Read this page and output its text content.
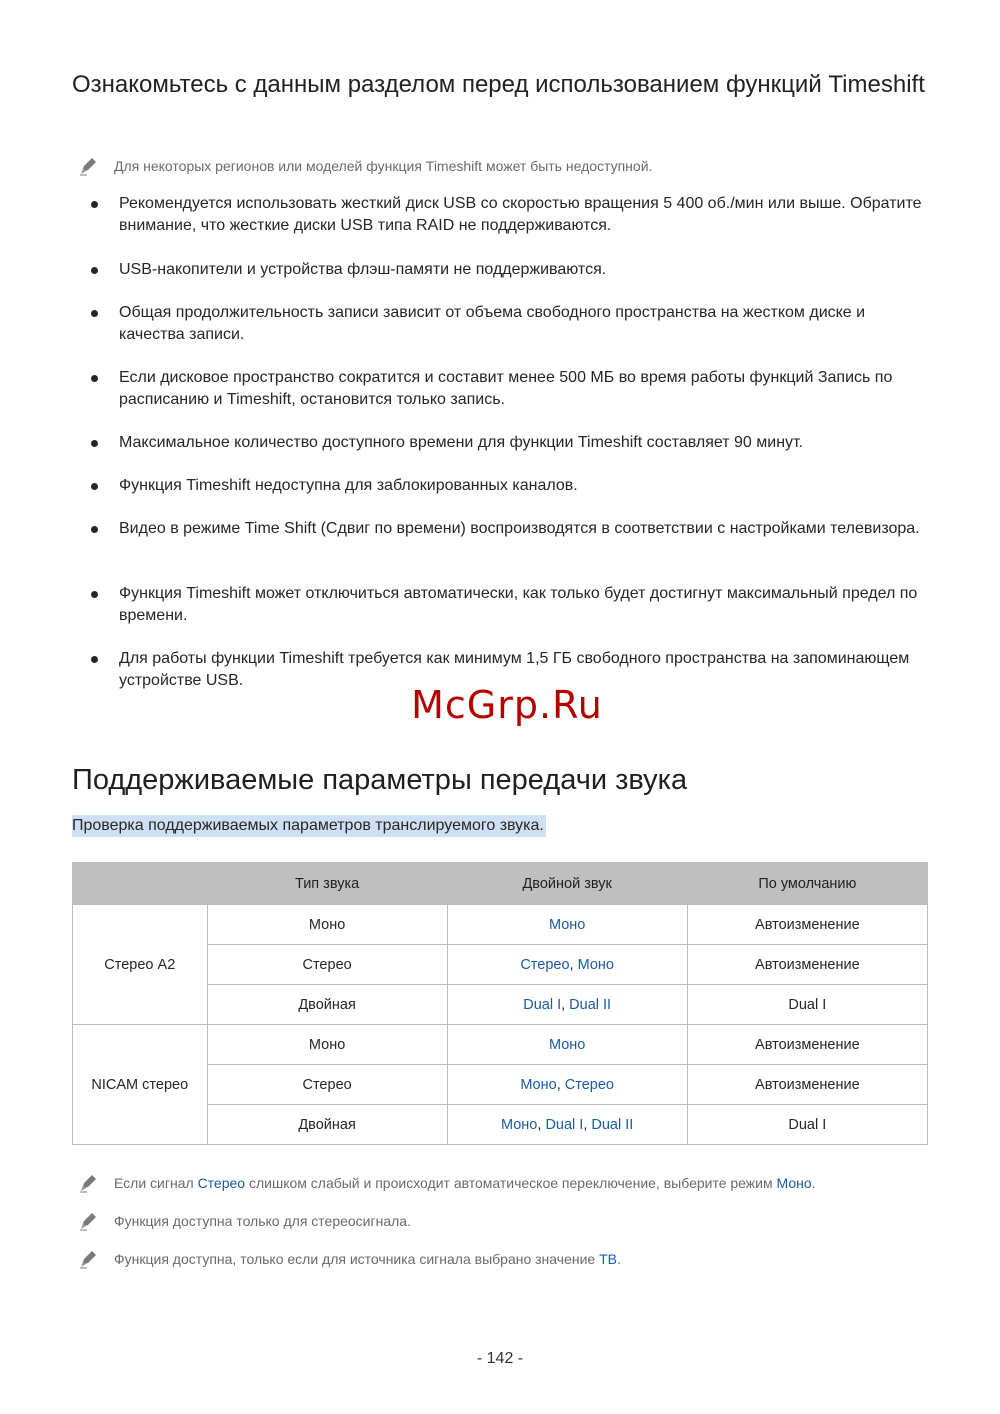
Ознакомьтесь с данным разделом перед использованием функций Timeshift
Для некоторых регионов или моделей функция Timeshift может быть недоступной.
Рекомендуется использовать жесткий диск USB со скоростью вращения 5 400 об./мин или выше. Обратите внимание, что жесткие диски USB типа RAID не поддерживаются.
USB-накопители и устройства флэш-памяти не поддерживаются.
Общая продолжительность записи зависит от объема свободного пространства на жестком диске и качества записи.
Если дисковое пространство сократится и составит менее 500 МБ во время работы функций Запись по расписанию и Timeshift, остановится только запись.
Максимальное количество доступного времени для функции Timeshift составляет 90 минут.
Функция Timeshift недоступна для заблокированных каналов.
Видео в режиме Time Shift (Сдвиг по времени) воспроизводятся в соответствии с настройками телевизора.
Функция Timeshift может отключиться автоматически, как только будет достигнут максимальный предел по времени.
Для работы функции Timeshift требуется как минимум 1,5 ГБ свободного пространства на запоминающем устройстве USB.
McGrp.Ru
Поддерживаемые параметры передачи звука
Проверка поддерживаемых параметров транслируемого звука.
	Тип звука	Двойной звук	По умолчанию
Стерео A2	Моно	Моно	Автоизменение
	Стерео	Стерео, Моно	Автоизменение
	Двойная	Dual I, Dual II	Dual I
NICAM стерео	Моно	Моно	Автоизменение
	Стерео	Моно, Стерео	Автоизменение
	Двойная	Моно, Dual I, Dual II	Dual I
Если сигнал Стерео слишком слабый и происходит автоматическое переключение, выберите режим Моно.
Функция доступна только для стереосигнала.
Функция доступна, только если для источника сигнала выбрано значение ТВ.
- 142 -
